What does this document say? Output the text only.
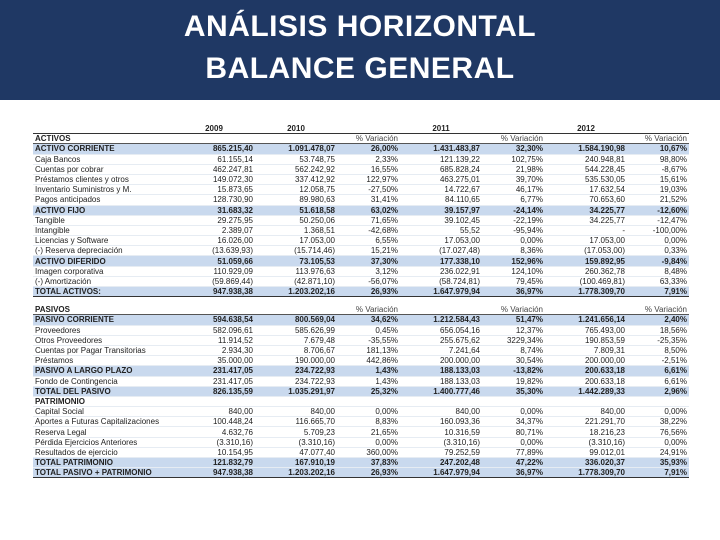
ANÁLISIS HORIZONTAL
BALANCE GENERAL
	2009	2010		2011		2012	
ACTIVOS			% Variación		% Variación		% Variación
ACTIVO CORRIENTE	865.215,40	1.091.478,07	26,00%	1.431.483,87	32,30%	1.584.190,98	10,67%
Caja Bancos	61.155,14	53.748,75	2,33%	121.139,22	102,75%	240.948,81	98,80%
Cuentas por cobrar	462.247,81	562.242,92	16,55%	685.828,24	21,98%	544.228,45	-8,67%
Préstamos clientes y otros	149.072,30	337.412,92	122,97%	463.275,01	39,70%	535.530,05	15,61%
Inventario Suministros y M.	15.873,65	12.058,75	-27,50%	14.722,67	46,17%	17.632,54	19,03%
Pagos anticipados	128.730,90	89.980,63	31,41%	84.110,65	6,77%	70.653,60	21,52%
ACTIVO FIJO	31.683,32	51.618,58	63,02%	39.157,97	-24,14%	34.225,77	-12,60%
Tangible	29.275,95	50.250,06	71,65%	39.102,45	-22,19%	34.225,77	-12,47%
Intangible	2.389,07	1.368,51	-42,68%	55,52	-95,94%	-	-100,00%
Licencias y Software	16.026,00	17.053,00	6,55%	17.053,00	0,00%	17.053,00	0,00%
(-) Reserva depreciación	(13.639,93)	(15.714,46)	15,21%	(17.027,48)	8,36%	(17.053,00)	0,33%
ACTIVO DIFERIDO	51.059,66	73.105,53	37,30%	177.338,10	152,96%	159.892,95	-9,84%
Imagen corporativa	110.929,09	113.976,63	3,12%	236.022,91	124,10%	260.362,78	8,48%
(-) Amortización	(59.869,44)	(42.871,10)	-56,07%	(58.724,81)	79,45%	(100.469,81)	63,33%
TOTAL ACTIVOS:	947.938,38	1.203.202,16	26,93%	1.647.979,94	36,97%	1.778.309,70	7,91%
PASIVOS			% Variación		% Variación		% Variación
PASIVO CORRIENTE	594.638,54	800.569,04	34,62%	1.212.584,43	51,47%	1.241.656,14	2,40%
Proveedores	582.096,61	585.626,99	0,45%	656.054,16	12,37%	765.493,00	18,56%
Otros Proveedores	11.914,52	7.679,48	-35,55%	255.675,62	3229,34%	190.853,59	-25,35%
Cuentas por Pagar Transitorias	2.934,30	8.706,67	181,13%	7.241,64	8,74%	7.809,31	8,50%
Préstamos	35.000,00	190.000,00	442,86%	200.000,00	30,54%	200.000,00	-2,51%
PASIVO A LARGO PLAZO	231.417,05	234.722,93	1,43%	188.133,03	-13,82%	200.633,18	6,61%
Fondo de Contingencia	231.417,05	234.722,93	1,43%	188.133,03	19,82%	200.633,18	6,61%
TOTAL DEL PASIVO	826.135,59	1.035.291,97	25,32%	1.400.777,46	35,30%	1.442.289,33	2,96%
PATRIMONIO							
Capital Social	840,00	840,00	0,00%	840,00	0,00%	840,00	0,00%
Aportes a Futuras Capitalizaciones	100.448,24	116.665,70	8,83%	160.093,36	34,37%	221.291,70	38,22%
Reserva Legal	4.632,76	5.709,23	21,65%	10.316,59	80,71%	18.216,23	76,56%
Pérdida Ejercicios Anteriores	(3.310,16)	(3.310,16)	0,00%	(3.310,16)	0,00%	(3.310,16)	0,00%
Resultados de ejercicio	10.154,95	47.077,40	360,00%	79.252,59	77,89%	99.012,01	24,91%
TOTAL PATRIMONIO	121.832,79	167.910,19	37,83%	247.202,48	47,22%	336.020,37	35,93%
TOTAL PASIVO + PATRIMONIO	947.938,38	1.203.202,16	26,93%	1.647.979,94	36,97%	1.778.309,70	7,91%
